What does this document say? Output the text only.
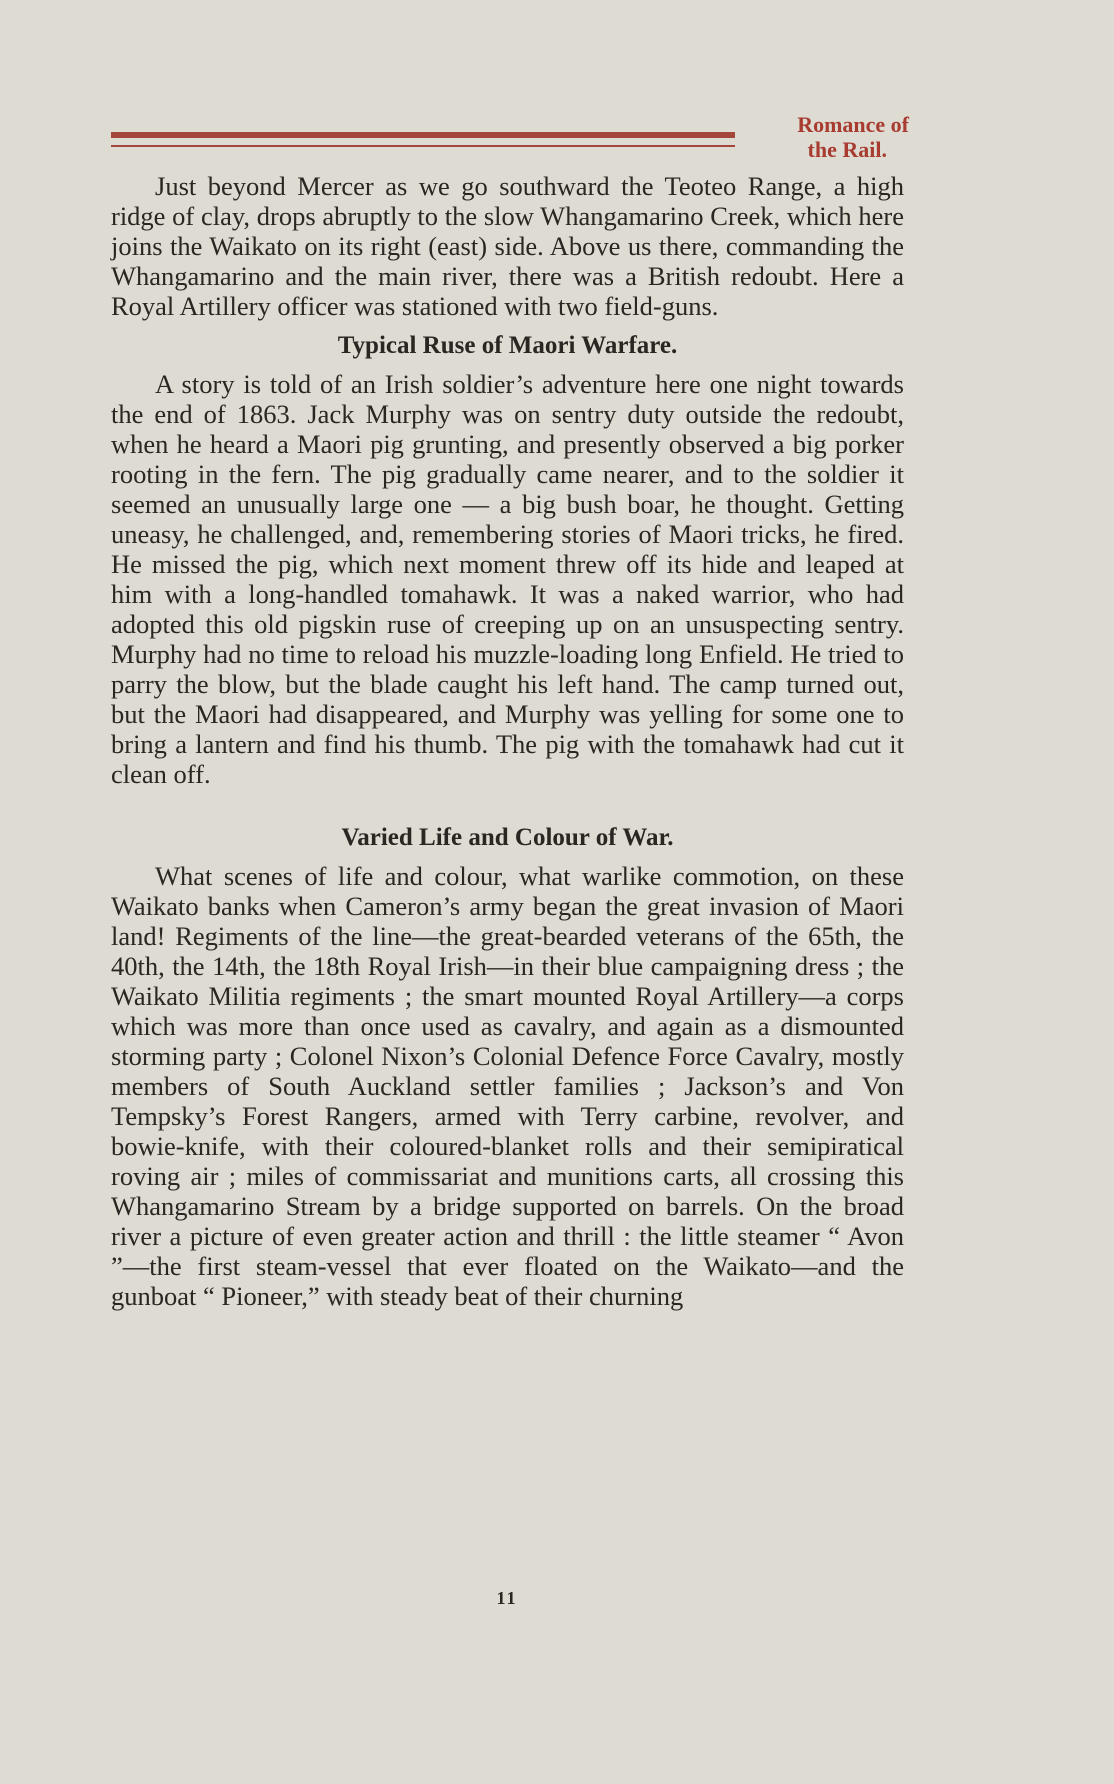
Romance of
the Rail.

Just beyond Mercer as we go southward the Teoteo Range, a high ridge of clay, drops abruptly to the slow Whangamarino Creek, which here joins the Waikato on its right (east) side. Above us there, commanding the Whangamarino and the main river, there was a British redoubt. Here a Royal Artillery officer was stationed with two field-guns.

Typical Ruse of Maori Warfare.

A story is told of an Irish soldier’s adventure here one night towards the end of 1863. Jack Murphy was on sentry duty outside the redoubt, when he heard a Maori pig grunting, and presently observed a big porker rooting in the fern. The pig gradually came nearer, and to the soldier it seemed an unusually large one — a big bush boar, he thought. Getting uneasy, he challenged, and, remembering stories of Maori tricks, he fired. He missed the pig, which next moment threw off its hide and leaped at him with a long-handled tomahawk. It was a naked warrior, who had adopted this old pigskin ruse of creeping up on an unsuspecting sentry. Murphy had no time to reload his muzzle-loading long Enfield. He tried to parry the blow, but the blade caught his left hand. The camp turned out, but the Maori had disappeared, and Murphy was yelling for some one to bring a lantern and find his thumb. The pig with the tomahawk had cut it clean off.

Varied Life and Colour of War.

What scenes of life and colour, what warlike commotion, on these Waikato banks when Cameron’s army began the great invasion of Maori land! Regiments of the line—the great-bearded veterans of the 65th, the 40th, the 14th, the 18th Royal Irish—in their blue campaigning dress ; the Waikato Militia regiments ; the smart mounted Royal Artillery—a corps which was more than once used as cavalry, and again as a dismounted storming party ; Colonel Nixon’s Colonial Defence Force Cavalry, mostly members of South Auckland settler families ; Jackson’s and Von Tempsky’s Forest Rangers, armed with Terry carbine, revolver, and bowie-knife, with their coloured-blanket rolls and their semipiratical roving air ; miles of commissariat and munitions carts, all crossing this Whangamarino Stream by a bridge supported on barrels. On the broad river a picture of even greater action and thrill : the little steamer “ Avon ”—the first steam-vessel that ever floated on the Waikato—and the gunboat “ Pioneer,” with steady beat of their churning

11
